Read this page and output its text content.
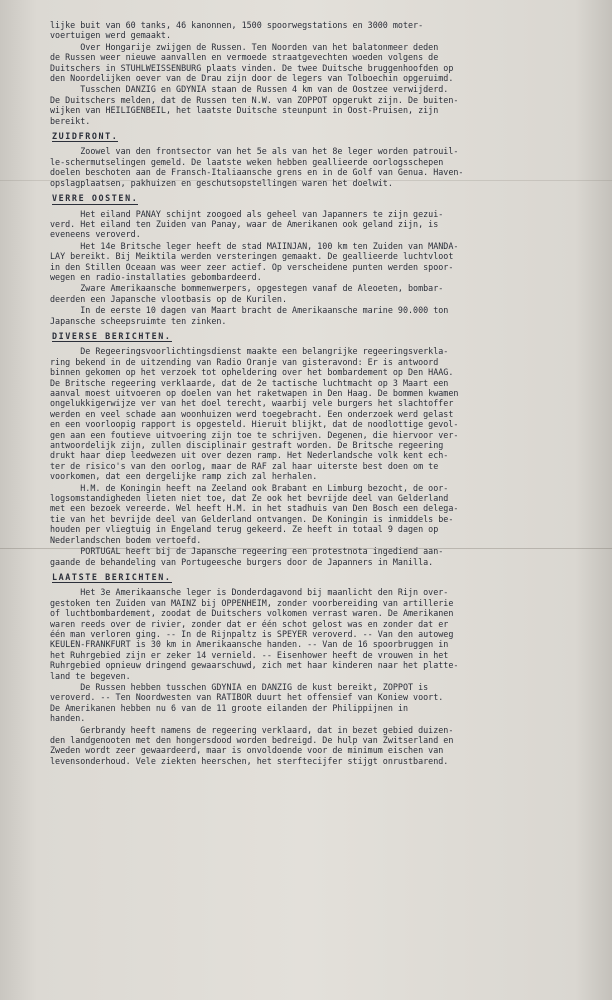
lijke buit van 60 tanks, 46 kanonnen, 1500 spoorwegstations en 3000 moter-
voertuigen werd gemaakt.
Over Hongarije zwijgen de Russen. Ten Noorden van het balatonmeer deden
de Russen weer nieuwe aanvallen en vermoede straatgevechten woeden volgens de
Duitschers in STUHLWEISSENBURG plaats vinden. De twee Duitsche bruggenhoofden op
den Noordelijken oever van de Drau zijn door de legers van Tolboechin opgeruimd.
Tusschen DANZIG en GDYNIA staan de Russen 4 km van de Oostzee verwijderd.
De Duitschers melden, dat de Russen ten N.W. van ZOPPOT opgerukt zijn. De buiten-
wijken van HEILIGENBEIL, het laatste Duitsche steunpunt in Oost-Pruisen, zijn
bereikt.
ZUIDFRONT.
Zoowel van den frontsector van het 5e als van het 8e leger worden patrouil-
le-schermutselingen gemeld. De laatste weken hebben geallieerde oorlogsschepen
doelen beschoten aan de Fransch-Italiaansche grens en in de Golf van Genua. Haven-
opslagplaatsen, pakhuizen en geschutsopstellingen waren het doelwit.
VERRE OOSTEN.
Het eiland PANAY schijnt zoogoed als geheel van Japanners te zijn gezui-
verd. Het eiland ten Zuiden van Panay, waar de Amerikanen ook geland zijn, is
eveneens veroverd.
Het 14e Britsche leger heeft de stad MAIINJAN, 100 km ten Zuiden van MANDA-
LAY bereikt. Bij Meiktila werden versteringen gemaakt. De geallieerde luchtvloot
in den Stillen Oceaan was weer zeer actief. Op verscheidene punten werden spoor-
wegen en radio-installaties gebombardeerd.
Zware Amerikaansche bommenwerpers, opgestegen vanaf de Aleoeten, bombar-
deerden een Japansche vlootbasis op de Kurilen.
In de eerste 10 dagen van Maart bracht de Amerikaansche marine 90.000 ton
Japansche scheepsruimte ten zinken.
DIVERSE BERICHTEN.
De Regeeringsvoorlichtingsdienst maakte een belangrijke regeeringsverkla-
ring bekend in de uitzending van Radio Oranje van gisteravond: Er is antwoord
binnen gekomen op het verzoek tot opheldering over het bombardement op Den HAAG.
De Britsche regeering verklaarde, dat de 2e tactische luchtmacht op 3 Maart een
aanval moest uitvoeren op doelen van het raketwapen in Den Haag. De bommen kwamen
ongelukkigerwijze ver van het doel terecht, waarbij vele burgers het slachtoffer
werden en veel schade aan woonhuizen werd toegebracht. Een onderzoek werd gelast
en een voorloopig rapport is opgesteld. Hieruit blijkt, dat de noodlottige gevol-
gen aan een foutieve uitvoering zijn toe te schrijven. Degenen, die hiervoor ver-
antwoordelijk zijn, zullen disciplinair gestraft worden. De Britsche regeering
drukt haar diep leedwezen uit over dezen ramp. Het Nederlandsche volk kent ech-
ter de risico's van den oorlog, maar de RAF zal haar uiterste best doen om te
voorkomen, dat een dergelijke ramp zich zal herhalen.
H.M. de Koningin heeft na Zeeland ook Brabant en Limburg bezocht, de oor-
logsomstandigheden lieten niet toe, dat Ze ook het bevrijde deel van Gelderland
met een bezoek vereerde. Wel heeft H.M. in het stadhuis van Den Bosch een delega-
tie van het bevrijde deel van Gelderland ontvangen. De Koningin is inmiddels be-
houden per vliegtuig in Engeland terug gekeerd. Ze heeft in totaal 9 dagen op
Nederlandschen bodem vertoefd.
PORTUGAL heeft bij de Japansche regeering een protestnota ingediend aan-
gaande de behandeling van Portugeesche burgers door de Japanners in Manilla.
LAATSTE BERICHTEN.
Het 3e Amerikaansche leger is Donderdagavond bij maanlicht den Rijn over-
gestoken ten Zuiden van MAINZ bij OPPENHEIM, zonder voorbereiding van artillerie
of luchtbombardement, zoodat de Duitschers volkomen verrast waren. De Amerikanen
waren reeds over de rivier, zonder dat er één schot gelost was en zonder dat er
één man verloren ging. -- In de Rijnpaltz is SPEYER veroverd. -- Van den autoweg
KEULEN-FRANKFURT is 30 km in Amerikaansche handen. -- Van de 16 spoorbruggen in
het Ruhrgebied zijn er zeker 14 vernield. -- Eisenhower heeft de vrouwen in het
Ruhrgebied opnieuw dringend gewaarschuwd, zich met haar kinderen naar het platte-
land te begeven.
De Russen hebben tusschen GDYNIA en DANZIG de kust bereikt, ZOPPOT is
veroverd. -- Ten Noordwesten van RATIBOR duurt het offensief van Koniew voort.
De Amerikanen hebben nu 6 van de 11 groote eilanden der Philippijnen in
handen.
Gerbrandy heeft namens de regeering verklaard, dat in bezet gebied duizen-
den landgenooten met den hongersdood worden bedreigd. De hulp van Zwitserland en
Zweden wordt zeer gewaardeerd, maar is onvoldoende voor de minimum eischen van
levensonderhoud. Vele ziekten heerschen, het sterftecijfer stijgt onrustbarend.
